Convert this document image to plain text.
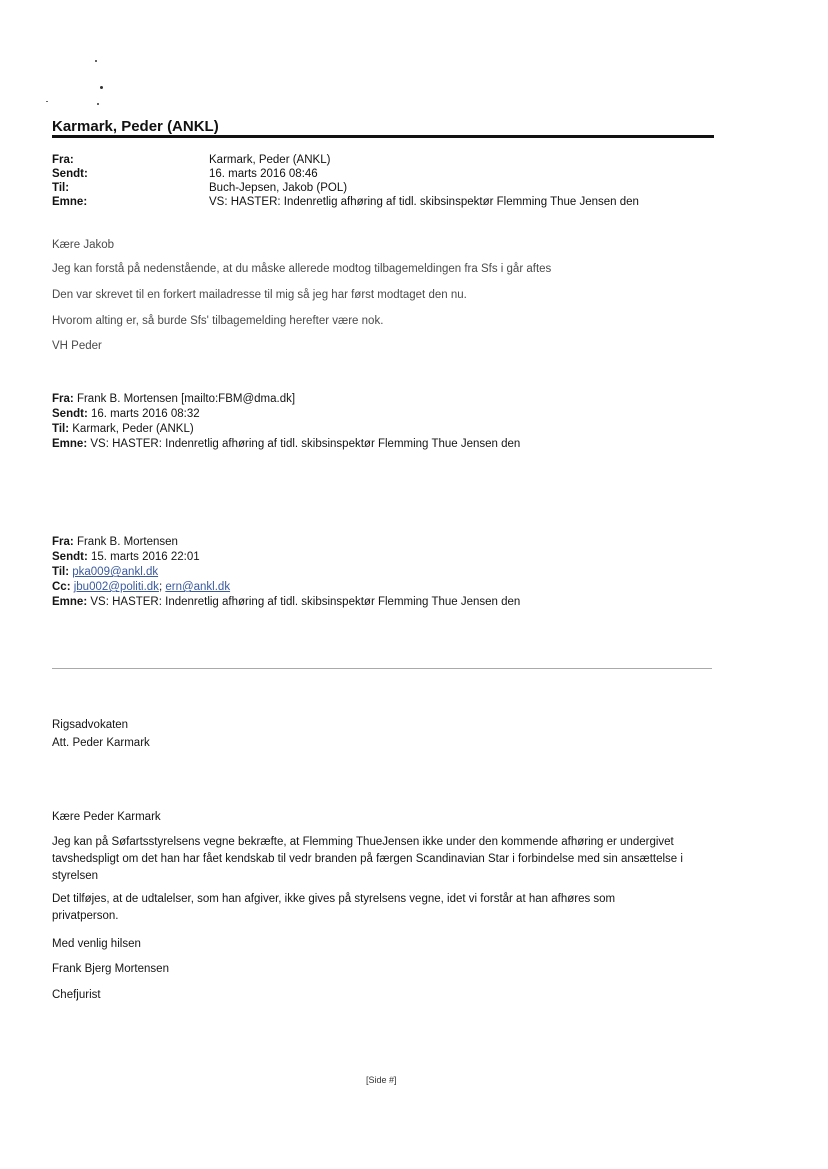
Karmark, Peder (ANKL)
Fra:	Karmark, Peder (ANKL)
Sendt:	16. marts 2016 08:46
Til:	Buch-Jepsen, Jakob (POL)
Emne:	VS: HASTER: Indenretlig afhøring af tidl. skibsinspektør Flemming Thue Jensen den
Kære Jakob
Jeg kan forstå på nedenstående, at du måske allerede modtog tilbagemeldingen fra Sfs i går aftes
Den var skrevet til en forkert mailadresse til mig så jeg har først modtaget den nu.
Hvorom alting er, så burde Sfs' tilbagemelding herefter være nok.
VH Peder
Fra: Frank B. Mortensen [mailto:FBM@dma.dk]
Sendt: 16. marts 2016 08:32
Til: Karmark, Peder (ANKL)
Emne: VS: HASTER: Indenretlig afhøring af tidl. skibsinspektør Flemming Thue Jensen den
Fra: Frank B. Mortensen
Sendt: 15. marts 2016 22:01
Til: pka009@ankl.dk
Cc: jbu002@politi.dk; ern@ankl.dk
Emne: VS: HASTER: Indenretlig afhøring af tidl. skibsinspektør Flemming Thue Jensen den
Rigsadvokaten
Att. Peder Karmark
Kære Peder Karmark
Jeg kan på Søfartsstyrelsens vegne bekræfte, at Flemming ThueJensen ikke under den kommende afhøring er undergivet tavshedspligt om det han har fået kendskab til vedr branden på færgen Scandinavian Star i forbindelse med sin ansættelse i styrelsen
Det tilføjes, at de udtalelser, som han afgiver, ikke gives på styrelsens vegne, idet vi forstår at han afhøres som privatperson.
Med venlig hilsen
Frank Bjerg Mortensen
Chefjurist
[Side #]
